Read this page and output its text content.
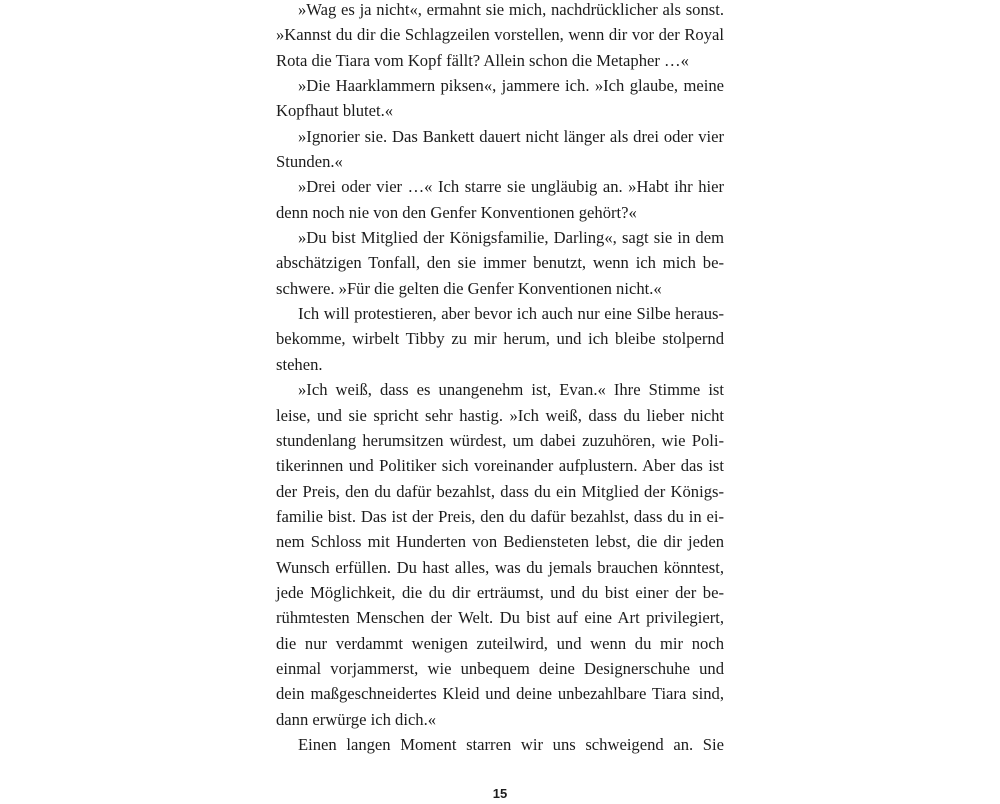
»Wag es ja nicht«, ermahnt sie mich, nachdrücklicher als sonst.
»Kannst du dir die Schlagzeilen vorstellen, wenn dir vor der Royal
Rota die Tiara vom Kopf fällt? Allein schon die Metapher …«
»Die Haarklammern piksen«, jammere ich. »Ich glaube, meine
Kopfhaut blutet.«
»Ignorier sie. Das Bankett dauert nicht länger als drei oder vier
Stunden.«
»Drei oder vier …« Ich starre sie ungläubig an. »Habt ihr hier
denn noch nie von den Genfer Konventionen gehört?«
»Du bist Mitglied der Königsfamilie, Darling«, sagt sie in dem
abschätzigen Tonfall, den sie immer benutzt, wenn ich mich be-
schwere. »Für die gelten die Genfer Konventionen nicht.«
Ich will protestieren, aber bevor ich auch nur eine Silbe heraus-
bekomme, wirbelt Tibby zu mir herum, und ich bleibe stolpernd
stehen.
»Ich weiß, dass es unangenehm ist, Evan.« Ihre Stimme ist
leise, und sie spricht sehr hastig. »Ich weiß, dass du lieber nicht
stundenlang herumsitzen würdest, um dabei zuzuhören, wie Poli-
tikerinnen und Politiker sich voreinander aufplustern. Aber das ist
der Preis, den du dafür bezahlst, dass du ein Mitglied der Königs-
familie bist. Das ist der Preis, den du dafür bezahlst, dass du in ei-
nem Schloss mit Hunderten von Bediensteten lebst, die dir jeden
Wunsch erfüllen. Du hast alles, was du jemals brauchen könntest,
jede Möglichkeit, die du dir erträumst, und du bist einer der be-
rühmtesten Menschen der Welt. Du bist auf eine Art privilegiert,
die nur verdammt wenigen zuteilwird, und wenn du mir noch
einmal vorjammerst, wie unbequem deine Designerschuhe und
dein maßgeschneidertes Kleid und deine unbezahlbare Tiara sind,
dann erwürge ich dich.«
Einen langen Moment starren wir uns schweigend an. Sie
15
